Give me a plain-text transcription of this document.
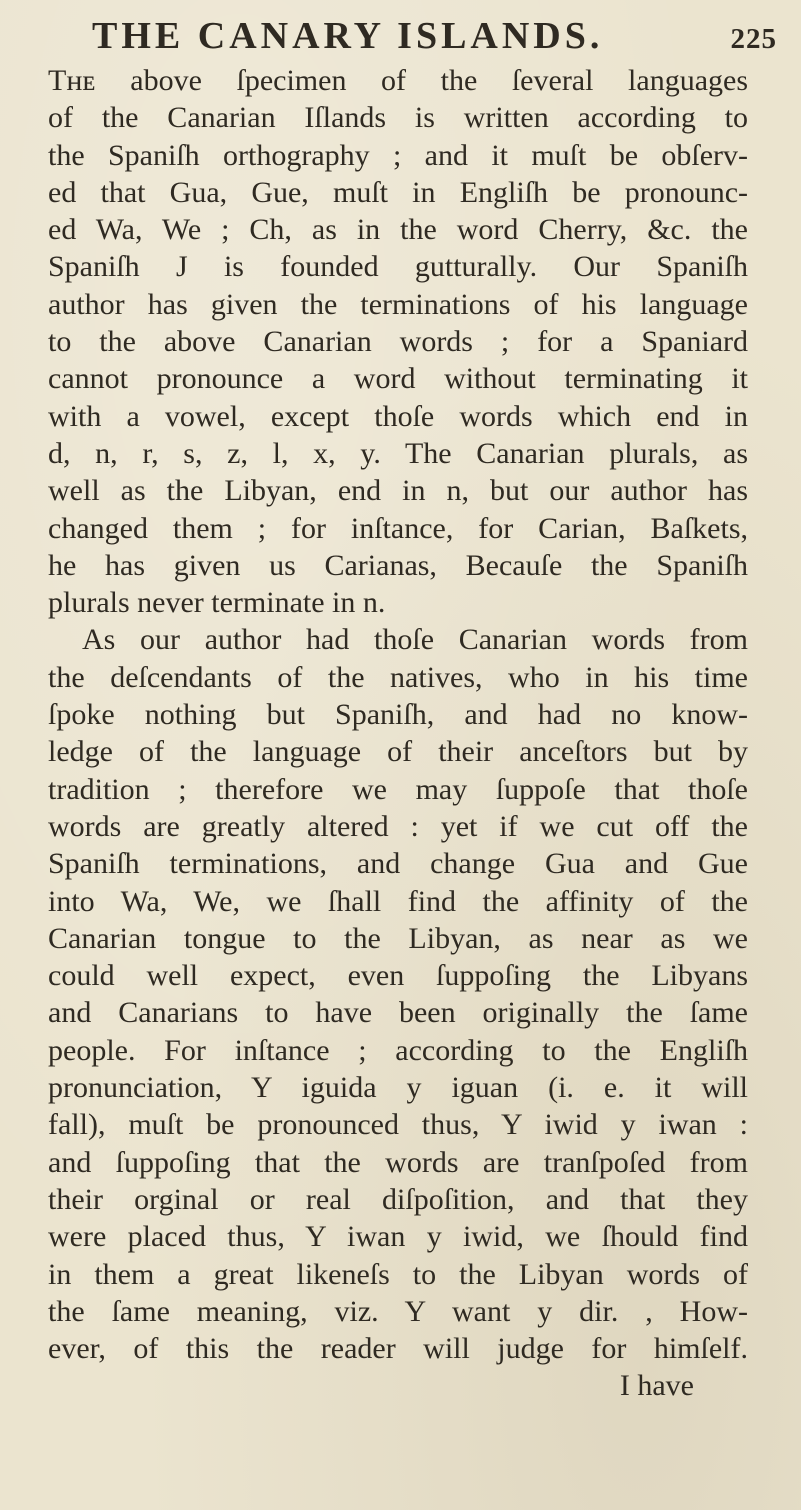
THE CANARY ISLANDS.	225
Tʜᴇ above ſpecimen of the ſeveral languages
of the Canarian Iſlands is written according to
the Spaniſh orthography ; and it muſt be obſerv-
ed that Gua, Gue, muſt in Engliſh be pronounc-
ed Wa, We ; Ch, as in the word Cherry, &c. the
Spaniſh J is founded gutturally. Our Spaniſh
author has given the terminations of his language
to the above Canarian words ; for a Spaniard
cannot pronounce a word without terminating it
with a vowel, except thoſe words which end in
d, n, r, s, z, l, x, y. The Canarian plurals, as
well as the Libyan, end in n, but our author has
changed them ; for inſtance, for Carian, Baſkets,
he has given us Carianas, Becauſe the Spaniſh
plurals never terminate in n.
As our author had thoſe Canarian words from
the deſcendants of the natives, who in his time
ſpoke nothing but Spaniſh, and had no know-
ledge of the language of their anceſtors but by
tradition ; therefore we may ſuppoſe that thoſe
words are greatly altered : yet if we cut off the
Spaniſh terminations, and change Gua and Gue
into Wa, We, we ſhall find the affinity of the
Canarian tongue to the Libyan, as near as we
could well expect, even ſuppoſing the Libyans
and Canarians to have been originally the ſame
people. For inſtance ; according to the Engliſh
pronunciation, Y iguida y iguan (i. e. it will
fall), muſt be pronounced thus, Y iwid y iwan :
and ſuppoſing that the words are tranſpoſed from
their orginal or real diſpoſition, and that they
were placed thus, Y iwan y iwid, we ſhould find
in them a great likeneſs to the Libyan words of
the ſame meaning, viz. Y want y dir. , How-
ever, of this the reader will judge for himſelf.
I have
